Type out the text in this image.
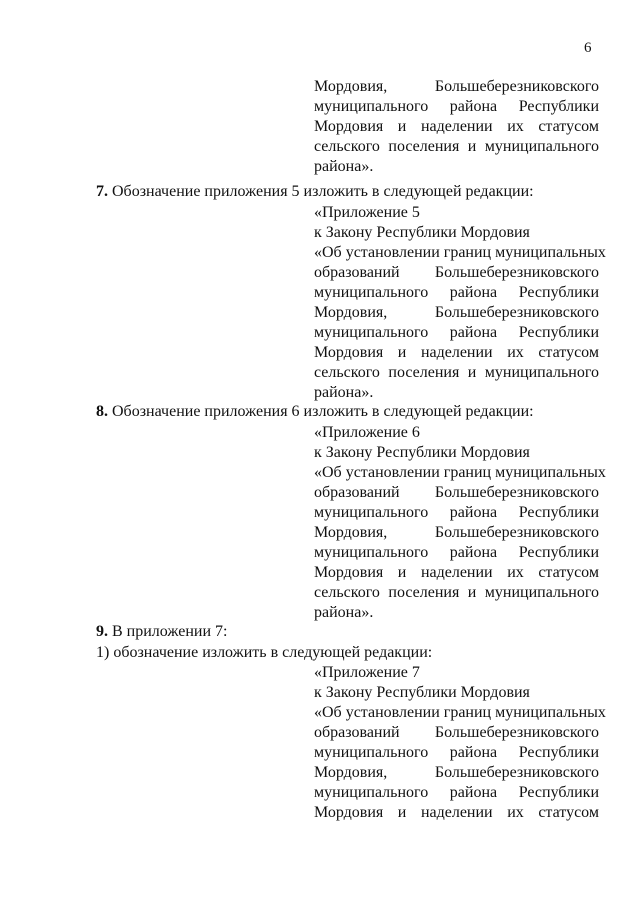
6
Мордовия, Большеберезниковского
муниципального района Республики
Мордовия и наделении их статусом
сельского поселения и муниципального
района».
7. Обозначение приложения 5 изложить в следующей редакции:
«Приложение 5
к Закону Республики Мордовия
«Об установлении границ муниципальных
образований Большеберезниковского
муниципального района Республики
Мордовия, Большеберезниковского
муниципального района Республики
Мордовия и наделении их статусом
сельского поселения и муниципального
района».
8. Обозначение приложения 6 изложить в следующей редакции:
«Приложение 6
к Закону Республики Мордовия
«Об установлении границ муниципальных
образований Большеберезниковского
муниципального района Республики
Мордовия, Большеберезниковского
муниципального района Республики
Мордовия и наделении их статусом
сельского поселения и муниципального
района».
9. В приложении 7:
1) обозначение изложить в следующей редакции:
«Приложение 7
к Закону Республики Мордовия
«Об установлении границ муниципальных
образований Большеберезниковского
муниципального района Республики
Мордовия, Большеберезниковского
муниципального района Республики
Мордовия и наделении их статусом
